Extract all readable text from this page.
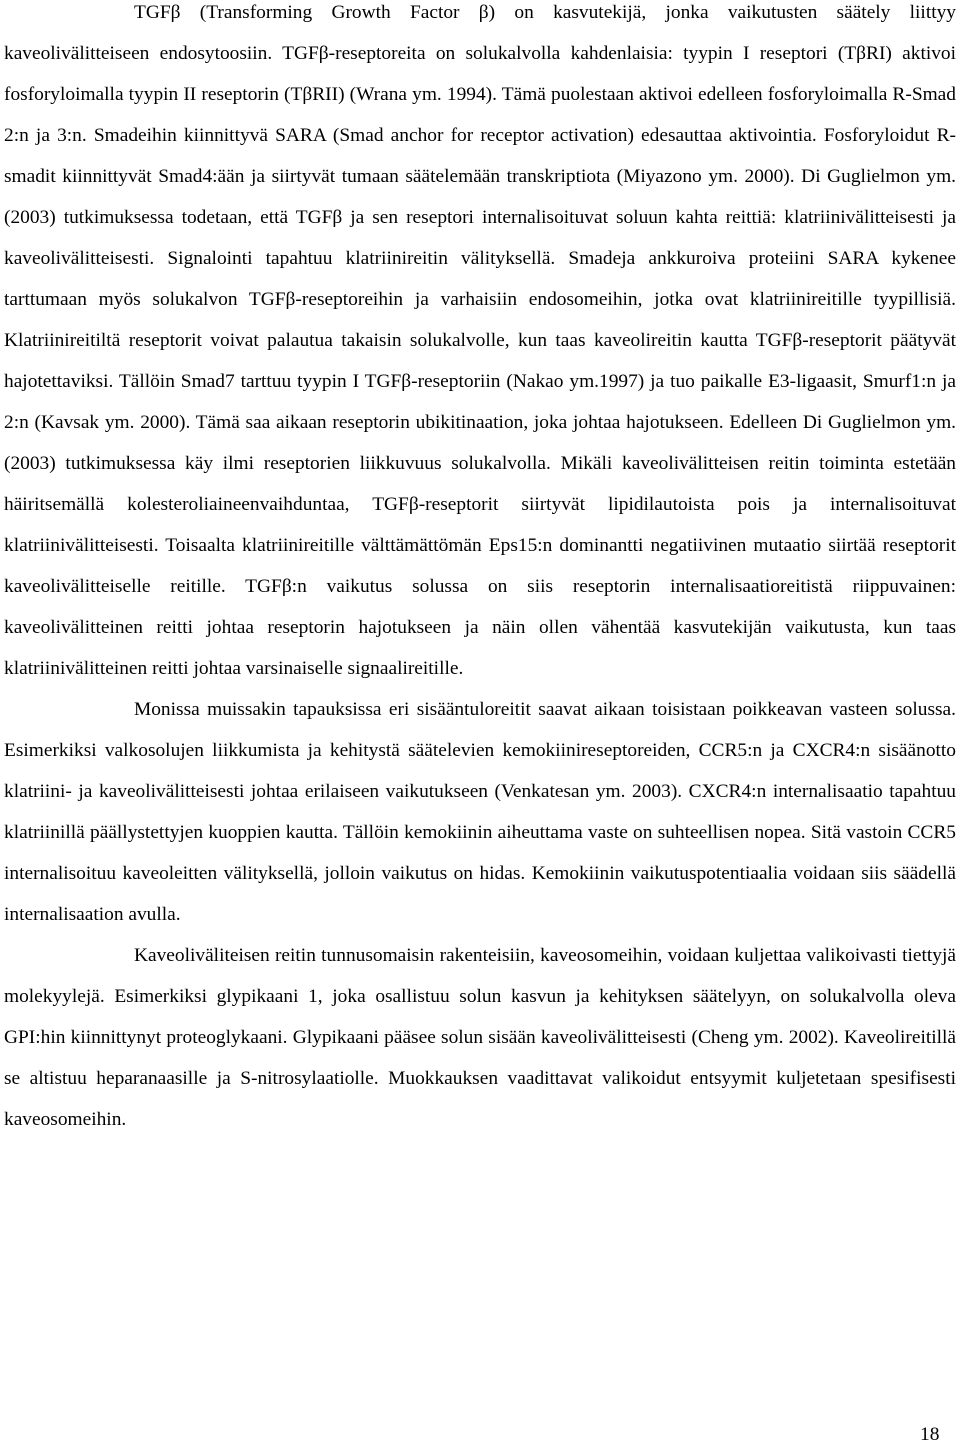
TGFβ (Transforming Growth Factor β) on kasvutekijä, jonka vaikutusten säätely liittyy kaveolivälitteiseen endosytoosiin. TGFβ-reseptoreita on solukalvolla kahdenlaisia: tyypin I reseptori (TβRI) aktivoi fosforyloimalla tyypin II reseptorin (TβRII) (Wrana ym. 1994). Tämä puolestaan aktivoi edelleen fosforyloimalla R-Smad 2:n ja 3:n. Smadeihin kiinnittyvä SARA (Smad anchor for receptor activation) edesauttaa aktivointia. Fosforyloidut R-smadit kiinnittyvät Smad4:ään ja siirtyvät tumaan säätelemään transkriptiota (Miyazono ym. 2000). Di Guglielmon ym. (2003) tutkimuksessa todetaan, että TGFβ ja sen reseptori internalisoituvat soluun kahta reittiä: klatriinivälitteisesti ja kaveolivälitteisesti. Signalointi tapahtuu klatriinireitin välityksellä. Smadeja ankkuroiva proteiini SARA kykenee tarttumaan myös solukalvon TGFβ-reseptoreihin ja varhaisiin endosomeihin, jotka ovat klatriinireitille tyypillisiä. Klatriinireitiltä reseptorit voivat palautua takaisin solukalvolle, kun taas kaveolireitin kautta TGFβ-reseptorit päätyvät hajotettaviksi. Tällöin Smad7 tarttuu tyypin I TGFβ-reseptoriin (Nakao ym.1997) ja tuo paikalle E3-ligaasit, Smurf1:n ja 2:n (Kavsak ym. 2000). Tämä saa aikaan reseptorin ubikitinaation, joka johtaa hajotukseen. Edelleen Di Guglielmon ym. (2003) tutkimuksessa käy ilmi reseptorien liikkuvuus solukalvolla. Mikäli kaveolivälitteisen reitin toiminta estetään häiritsemällä kolesteroliaineenvaihduntaa, TGFβ-reseptorit siirtyvät lipidilautoista pois ja internalisoituvat klatriinivälitteisesti. Toisaalta klatriinireitille välttämättömän Eps15:n dominantti negatiivinen mutaatio siirtää reseptorit kaveolivälitteiselle reitille. TGFβ:n vaikutus solussa on siis reseptorin internalisaatioreitistä riippuvainen: kaveolivälitteinen reitti johtaa reseptorin hajotukseen ja näin ollen vähentää kasvutekijän vaikutusta, kun taas klatriinivälitteinen reitti johtaa varsinaiselle signaalireitille.

Monissa muissakin tapauksissa eri sisääntuloreitit saavat aikaan toisistaan poikkeavan vasteen solussa. Esimerkiksi valkosolujen liikkumista ja kehitystä säätelevien kemokiinireseptoreiden, CCR5:n ja CXCR4:n sisäänotto klatriini- ja kaveolivälitteisesti johtaa erilaiseen vaikutukseen (Venkatesan ym. 2003). CXCR4:n internalisaatio tapahtuu klatriinillä päällystettyjen kuoppien kautta. Tällöin kemokiinin aiheuttama vaste on suhteellisen nopea. Sitä vastoin CCR5 internalisoituu kaveoleitten välityksellä, jolloin vaikutus on hidas. Kemokiinin vaikutuspotentiaalia voidaan siis säädellä internalisaation avulla.

Kaveoliväliteisen reitin tunnusomaisin rakenteisiin, kaveosomeihin, voidaan kuljettaa valikoivasti tiettyjä molekyylejä. Esimerkiksi glypikaani 1, joka osallistuu solun kasvun ja kehityksen säätelyyn, on solukalvolla oleva GPI:hin kiinnittynyt proteoglykaani. Glypikaani pääsee solun sisään kaveolivälitteisesti (Cheng ym. 2002). Kaveolireitillä se altistuu heparanaasille ja S-nitrosylaatiolle. Muokkauksen vaadittavat valikoidut entsyymit kuljetetaan spesifisesti kaveosomeihin.

18
